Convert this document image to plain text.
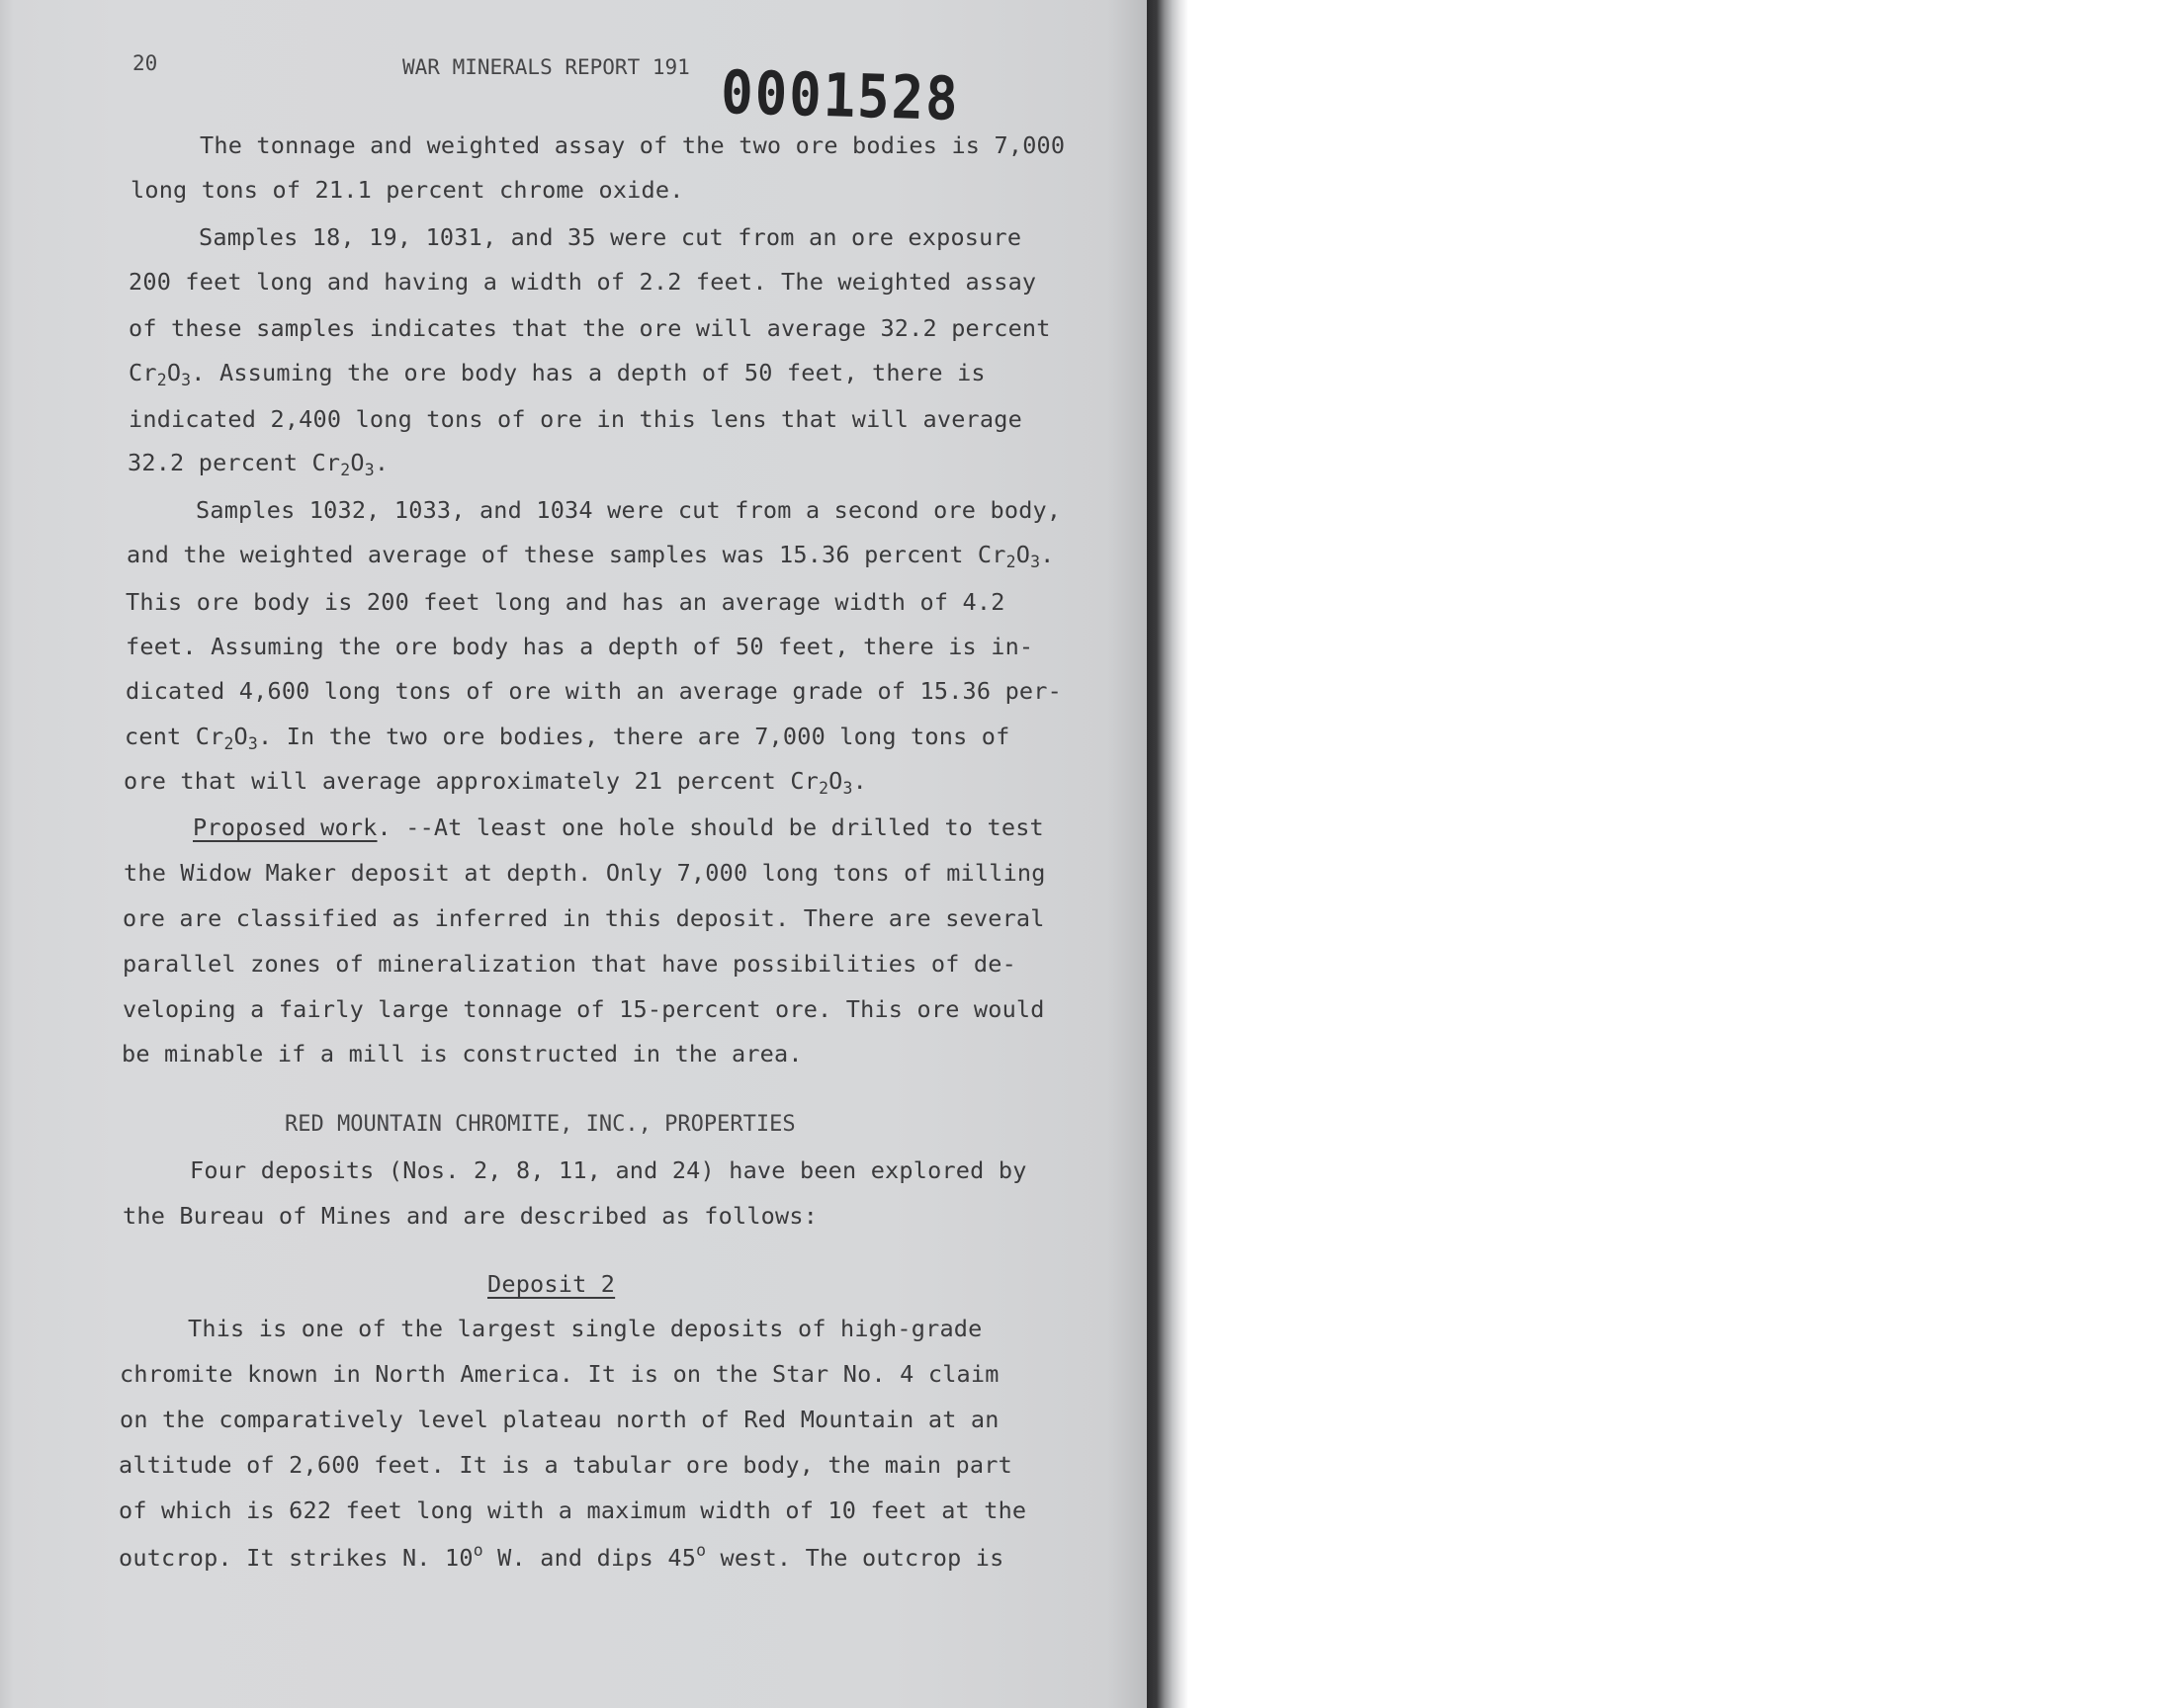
20	WAR MINERALS REPORT 191 0001528
The tonnage and weighted assay of the two ore bodies is 7,000
long tons of 21.1 percent chrome oxide.
Samples 18, 19, 1031, and 35 were cut from an ore exposure
200 feet long and having a width of 2.2 feet. The weighted assay
of these samples indicates that the ore will average 32.2 percent
$Cr_2O_3$. Assuming the ore body has a depth of 50 feet, there is
indicated 2,400 long tons of ore in this lens that will average
32.2 percent $Cr_2O_3$.
Samples 1032, 1033, and 1034 were cut from a second ore body,
and the weighted average of these samples was 15.36 percent $Cr_2O_3$.
This ore body is 200 feet long and has an average width of 4.2
feet. Assuming the ore body has a depth of 50 feet, there is in-
dicated 4,600 long tons of ore with an average grade of 15.36 per-
cent $Cr_2O_3$. In the two ore bodies, there are 7,000 long tons of
ore that will average approximately 21 percent $Cr_2O_3$.
Proposed work. --At least one hole should be drilled to test
the Widow Maker deposit at depth. Only 7,000 long tons of milling
ore are classified as inferred in this deposit. There are several
parallel zones of mineralization that have possibilities of de-
veloping a fairly large tonnage of 15-percent ore. This ore would
be minable if a mill is constructed in the area.
RED MOUNTAIN CHROMITE, INC., PROPERTIES
Four deposits (Nos. 2, 8, 11, and 24) have been explored by
the Bureau of Mines and are described as follows:
Deposit 2
This is one of the largest single deposits of high-grade
chromite known in North America. It is on the Star No. 4 claim
on the comparatively level plateau north of Red Mountain at an
altitude of 2,600 feet. It is a tabular ore body, the main part
of which is 622 feet long with a maximum width of 10 feet at the
outcrop. It strikes N. 10$^o$ W. and dips 45$^o$ west. The outcrop is
